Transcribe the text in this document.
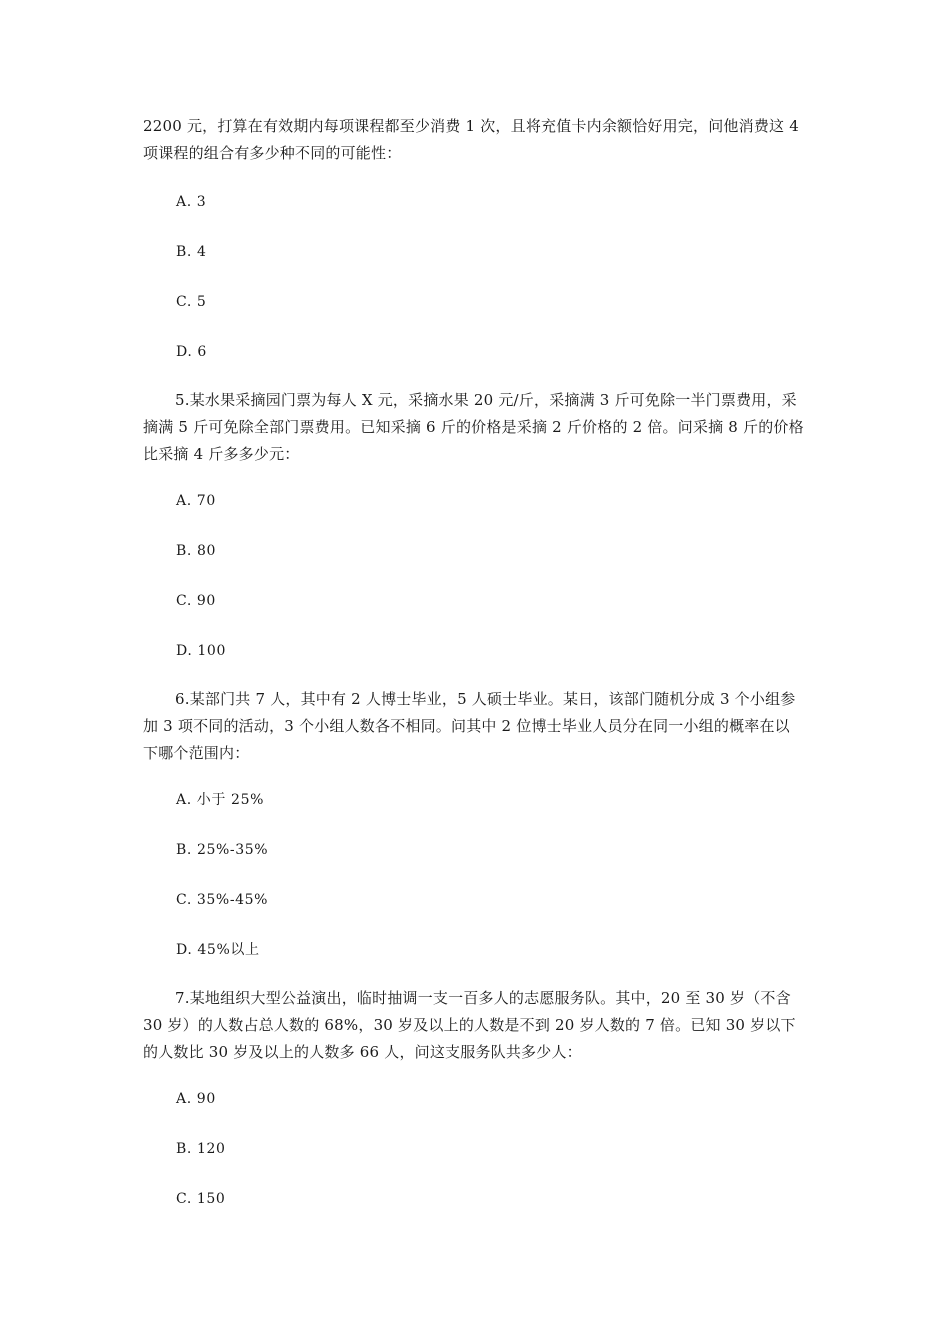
2200 元，打算在有效期内每项课程都至少消费 1 次，且将充值卡内余额恰好用完，问他消费这 4 项课程的组合有多少种不同的可能性：

A. 3

B. 4

C. 5

D. 6

5.某水果采摘园门票为每人 X 元，采摘水果 20 元/斤，采摘满 3 斤可免除一半门票费用，采摘满 5 斤可免除全部门票费用。已知采摘 6 斤的价格是采摘 2 斤价格的 2 倍。问采摘 8 斤的价格比采摘 4 斤多多少元：

A. 70

B. 80

C. 90

D. 100

6.某部门共 7 人，其中有 2 人博士毕业，5 人硕士毕业。某日，该部门随机分成 3 个小组参加 3 项不同的活动，3 个小组人数各不相同。问其中 2 位博士毕业人员分在同一小组的概率在以下哪个范围内：

A. 小于 25%

B. 25%-35%

C. 35%-45%

D. 45%以上

7.某地组织大型公益演出，临时抽调一支一百多人的志愿服务队。其中，20 至 30 岁（不含 30 岁）的人数占总人数的 68%，30 岁及以上的人数是不到 20 岁人数的 7 倍。已知 30 岁以下的人数比 30 岁及以上的人数多 66 人，问这支服务队共多少人：

A. 90

B. 120

C. 150
